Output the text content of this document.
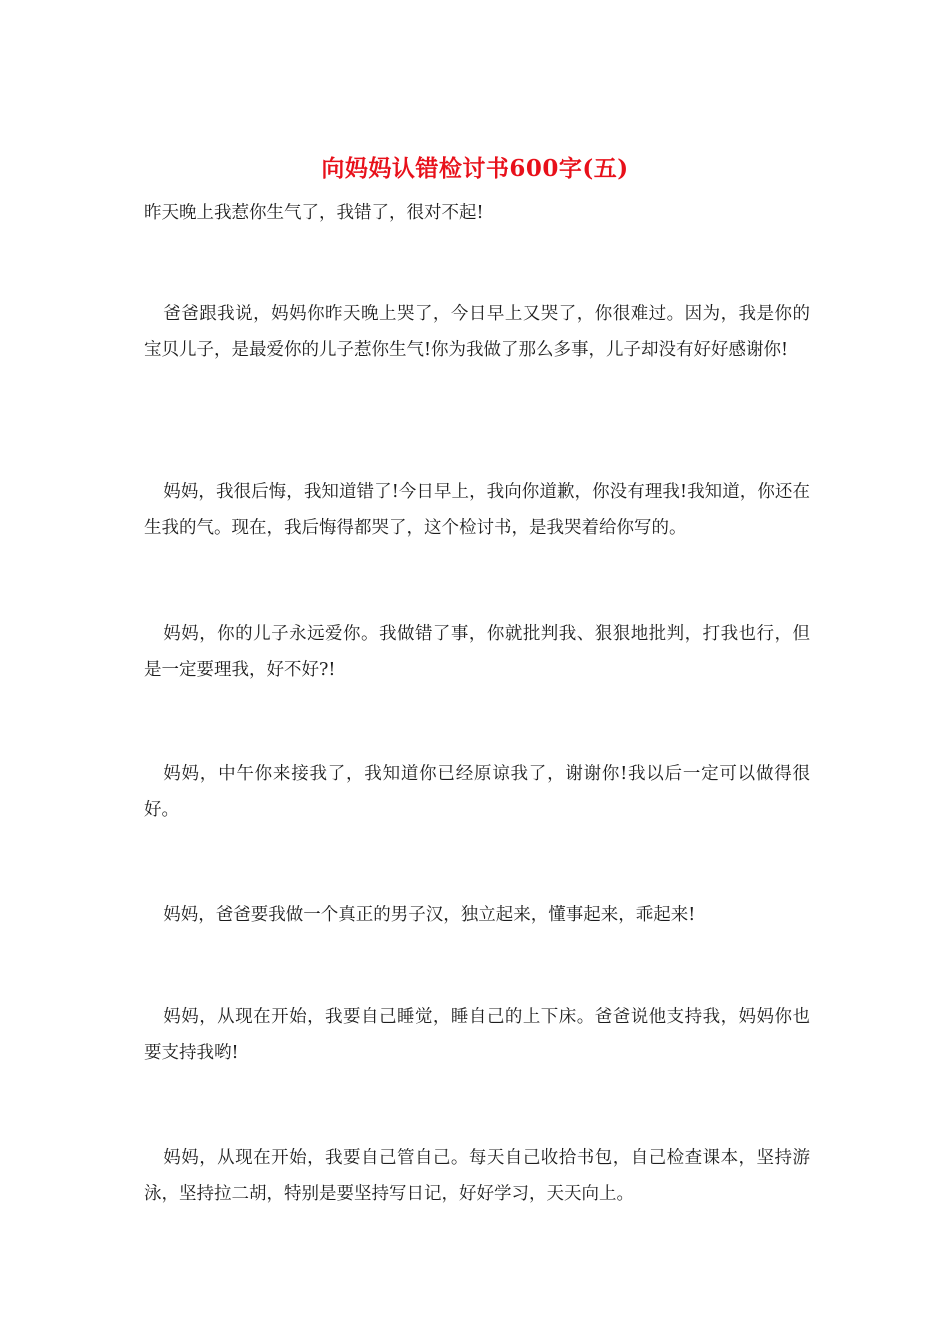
向妈妈认错检讨书600字(五)

昨天晚上我惹你生气了，我错了，很对不起!

爸爸跟我说，妈妈你昨天晚上哭了，今日早上又哭了，你很难过。因为，我是你的宝贝儿子，是最爱你的儿子惹你生气!你为我做了那么多事，儿子却没有好好感谢你!

妈妈，我很后悔，我知道错了!今日早上，我向你道歉，你没有理我!我知道，你还在生我的气。现在，我后悔得都哭了，这个检讨书，是我哭着给你写的。

妈妈，你的儿子永远爱你。我做错了事，你就批判我、狠狠地批判，打我也行，但是一定要理我，好不好?!

妈妈，中午你来接我了，我知道你已经原谅我了，谢谢你!我以后一定可以做得很好。

妈妈，爸爸要我做一个真正的男子汉，独立起来，懂事起来，乖起来!

妈妈，从现在开始，我要自己睡觉，睡自己的上下床。爸爸说他支持我，妈妈你也要支持我哟!

妈妈，从现在开始，我要自己管自己。每天自己收拾书包，自己检查课本，坚持游泳，坚持拉二胡，特别是要坚持写日记，好好学习，天天向上。
